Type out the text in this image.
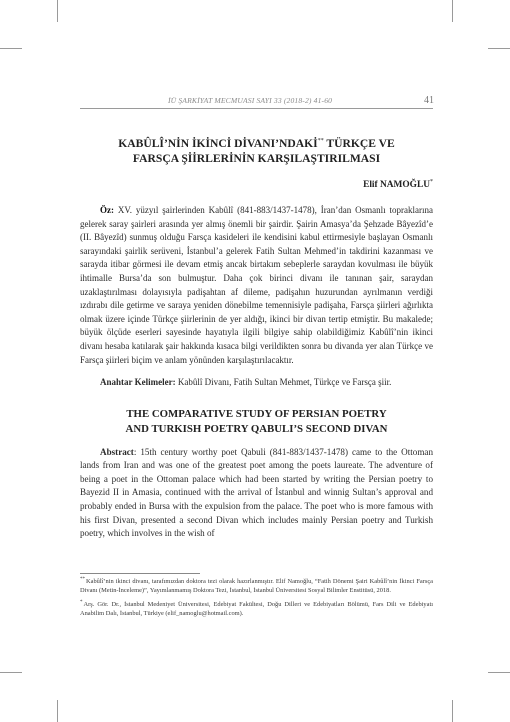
İÜ ŞARKİYAT MECMUASI SAYI 33 (2018-2) 41-60	41
KABÛLÎ’NİN İKİNCİ DİVANI’NDAKİ** TÜRKÇE VE
FARSÇA ŞİİRLERİNİN KARŞILAŞTIRILMASI
Elif NAMOĞLU*

Öz: XV. yüzyıl şairlerinden Kabûlî (841-883/1437-1478), İran’dan Osmanlı topraklarına gelerek saray şairleri arasında yer almış önemli bir şairdir. Şairin Amasya’da Şehzade Bâyezîd’e (II. Bâyezîd) sunmuş olduğu Farsça kasideleri ile kendisini kabul ettirmesiyle başlayan Osmanlı sarayındaki şairlik serüveni, İstanbul’a gelerek Fatih Sultan Mehmed’in takdirini kazanması ve sarayda itibar görmesi ile devam etmiş ancak birtakım sebeplerle saraydan kovulması ile büyük ihtimalle Bursa’da son bulmuştur. Daha çok birinci divanı ile tanınan şair, saraydan uzaklaştırılması dolayısıyla padişahtan af dileme, padişahın huzurundan ayrılmanın verdiği ızdırabı dile getirme ve saraya yeniden dönebilme temennisiyle padişaha, Farsça şiirleri ağırlıkta olmak üzere içinde Türkçe şiirlerinin de yer aldığı, ikinci bir divan tertip etmiştir. Bu makalede; büyük ölçüde eserleri sayesinde hayatıyla ilgili bilgiye sahip olabildiğimiz Kabûlî’nin ikinci divanı hesaba katılarak şair hakkında kısaca bilgi verildikten sonra bu divanda yer alan Türkçe ve Farsça şiirleri biçim ve anlam yönünden karşılaştırılacaktır.

Anahtar Kelimeler: Kabûlî Divanı, Fatih Sultan Mehmet, Türkçe ve Farsça şiir.

THE COMPARATIVE STUDY OF PERSIAN POETRY
AND TURKISH POETRY QABULI’S SECOND DIVAN

Abstract: 15th century worthy poet Qabuli (841-883/1437-1478) came to the Ottoman lands from Iran and was one of the greatest poet among the poets laureate. The adventure of being a poet in the Ottoman palace which had been started by writing the Persian poetry to Bayezid II in Amasia, continued with the arrival of İstanbul and winnig Sultan’s approval and probably ended in Bursa with the expulsion from the palace. The poet who is more famous with his first Divan, presented a second Divan which includes mainly Persian poetry and Turkish poetry, which involves in the wish of

**Kabûlî’nin ikinci divanı, tarafımızdan doktora tezi olarak hazırlanmıştır. Elif Namoğlu, “Fatih Dönemi Şairi Kabûlî’nin İkinci Farsça Divanı (Metin-İnceleme)”, Yayımlanmamış Doktora Tezi, İstanbul, İstanbul Üniversitesi Sosyal Bilimler Enstitüsü, 2018.

*Arş. Gör. Dr., İstanbul Medeniyet Üniversitesi, Edebiyat Fakültesi, Doğu Dilleri ve Edebiyatları Bölümü, Fars Dili ve Edebiyatı Anabilim Dalı, İstanbul, Türkiye (elif_namoglu@hotmail.com).
